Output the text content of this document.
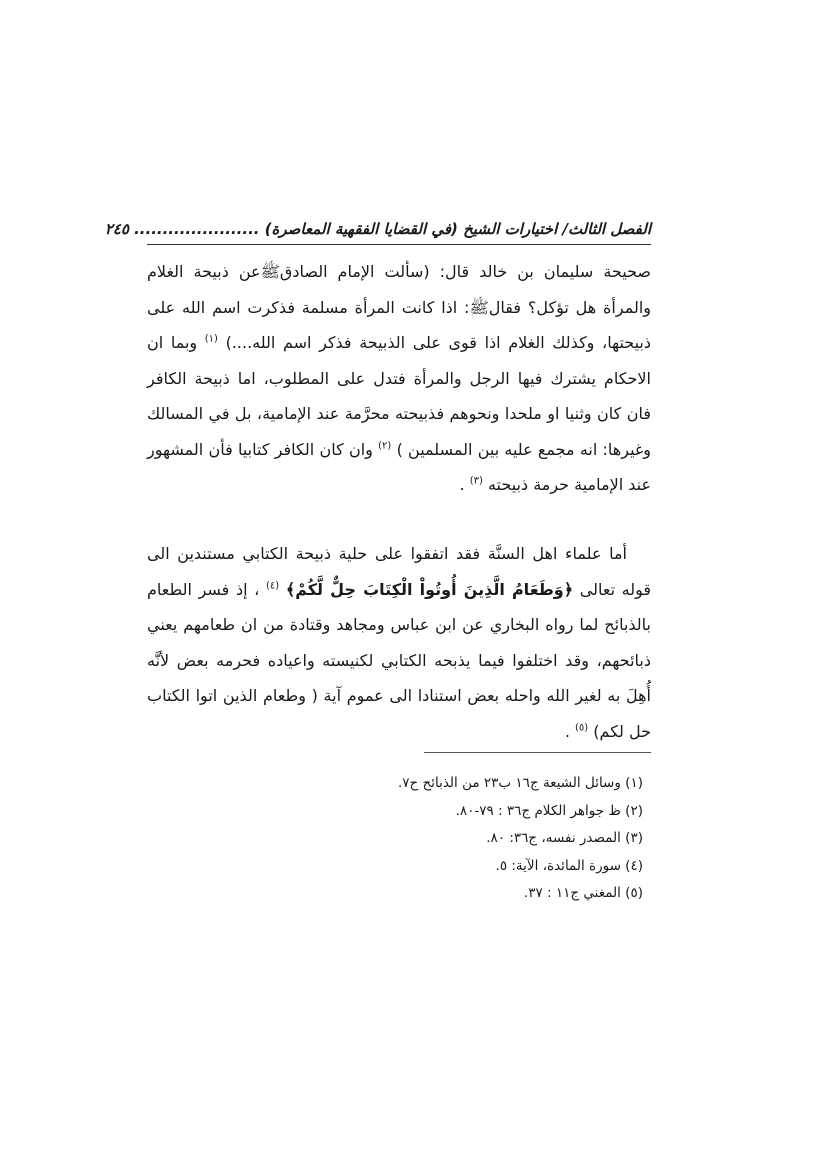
الفصل الثالث/ اختيارات الشيخ (في القضايا الفقهية المعاصرة) ...................... ٢٤٥

صحيحة سليمان بن خالد قال: (سألت الإمام الصادقﷺعن ذبيحة الغلام والمرأة هل تؤكل؟ فقالﷺ: اذا كانت المرأة مسلمة فذكرت اسم الله على ذبيحتها، وكذلك الغلام اذا قوى على الذبيحة فذكر اسم الله....) $^{(١)}$ وبما ان الاحكام يشترك فيها الرجل والمرأة فتدل على المطلوب، اما ذبيحة الكافر فان كان وثنيا او ملحدا ونحوهم فذبيحته محرَّمة عند الإمامية، بل في المسالك وغيرها: انه مجمع عليه بين المسلمين ) $^{(٢)}$ وان كان الكافر كتابيا فأن المشهور عند الإمامية حرمة ذبيحته $^{(٣)}$ .

أما علماء اهل السنَّة فقد اتفقوا على حلية ذبيحة الكتابي مستندين الى قوله تعالى ﴿وَطَعَامُ الَّذِينَ أُوتُواْ الْكِتَابَ حِلٌّ لَّكُمْ﴾ $^{(٤)}$ ، إذ فسر الطعام بالذبائح لما رواه البخاري عن ابن عباس ومجاهد وقتادة من ان طعامهم يعني ذبائحهم، وقد اختلفوا فيما يذبحه الكتابي لكنيسته واعياده فحرمه بعض لأنَّه أُهِلَ به لغير الله واحله بعض استنادا الى عموم آية ( وطعام الذين اتوا الكتاب حل لكم) $^{(٥)}$ .

(١) وسائل الشيعة ج١٦ ب٢٣ من الذبائح ح٧.

(٢) ظ جواهر الكلام ج٣٦ : ٧٩-٨٠.

(٣) المصدر نفسه، ج٣٦: ٨٠.

(٤) سورة المائدة، الآية: ٥.

(٥) المغني ج١١ : ٣٧.
